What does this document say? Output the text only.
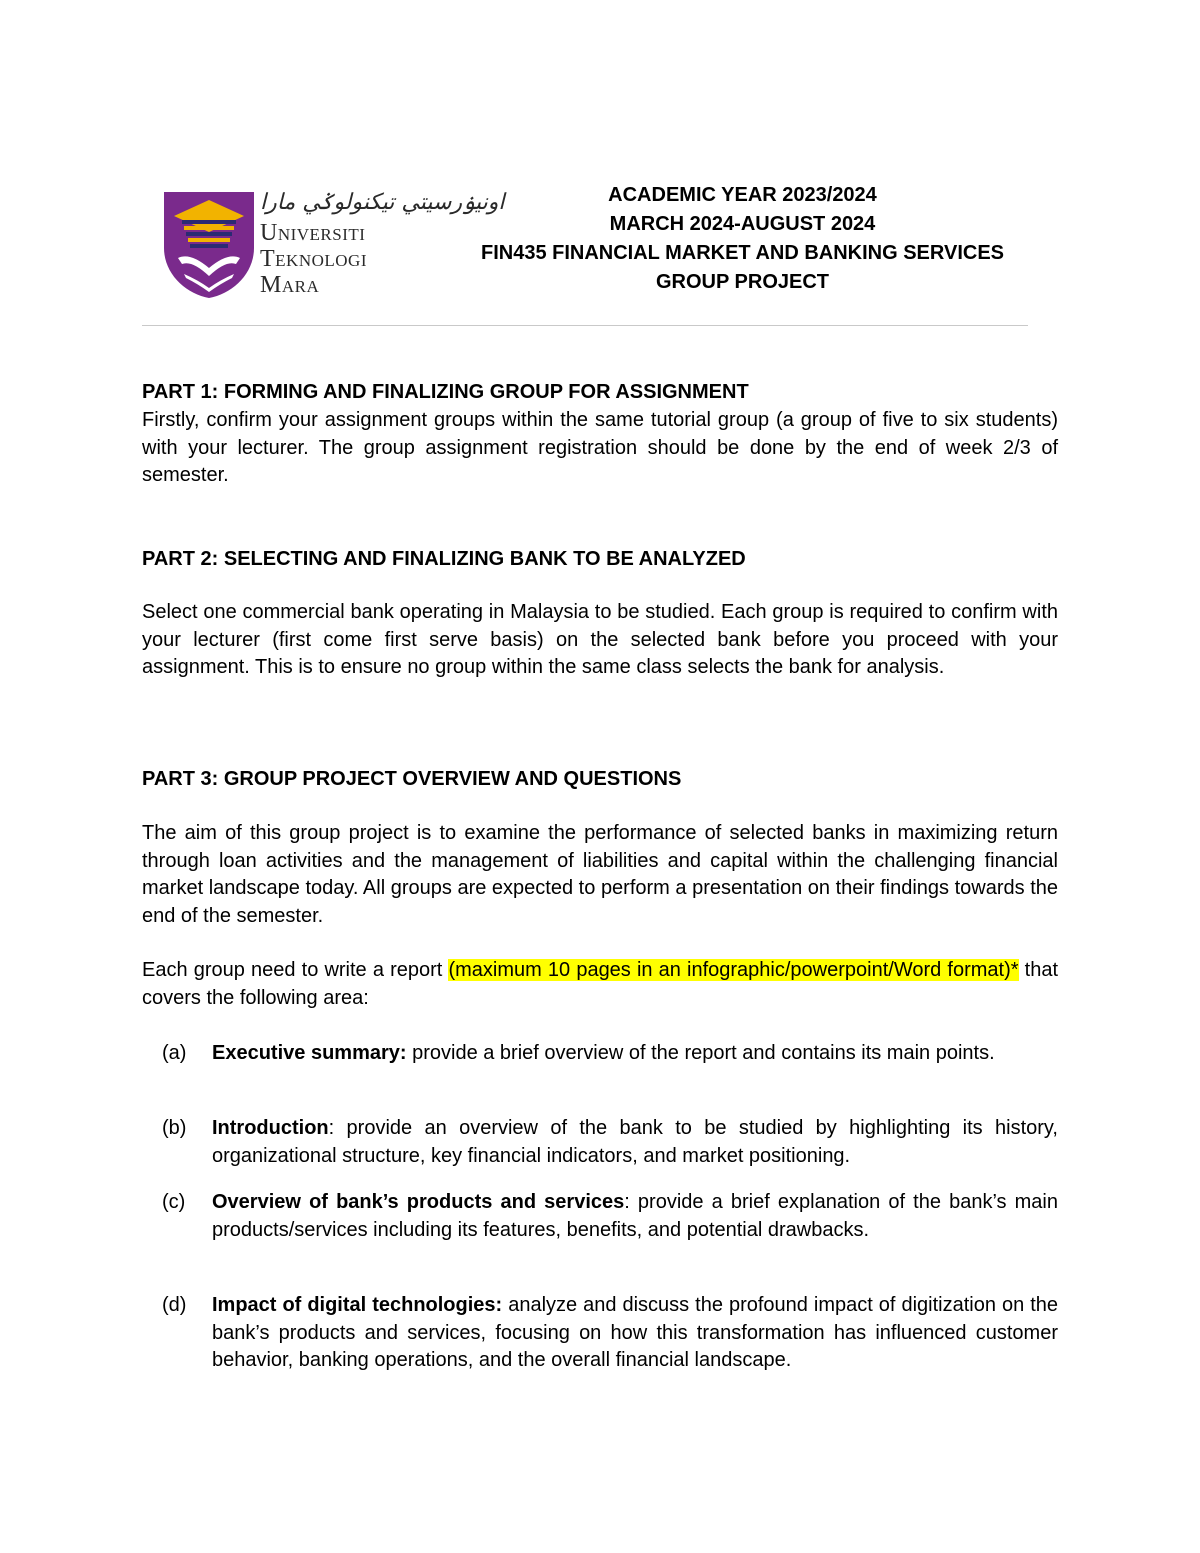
اونيۏرسيتي تيكنولوݢي مارا
Universiti
Teknologi
Mara
ACADEMIC YEAR 2023/2024
MARCH 2024-AUGUST 2024
FIN435 FINANCIAL MARKET AND BANKING SERVICES
GROUP PROJECT
PART 1: FORMING AND FINALIZING GROUP FOR ASSIGNMENT

Firstly, confirm your assignment groups within the same tutorial group (a group of five to six students) with your lecturer. The group assignment registration should be done by the end of week 2/3 of semester.

PART 2: SELECTING AND FINALIZING BANK TO BE ANALYZED

Select one commercial bank operating in Malaysia to be studied. Each group is required to confirm with your lecturer (first come first serve basis) on the selected bank before you proceed with your assignment. This is to ensure no group within the same class selects the bank for analysis.

PART 3: GROUP PROJECT OVERVIEW AND QUESTIONS

The aim of this group project is to examine the performance of selected banks in maximizing return through loan activities and the management of liabilities and capital within the challenging financial market landscape today. All groups are expected to perform a presentation on their findings towards the end of the semester.

Each group need to write a report (maximum 10 pages in an infographic/powerpoint/Word format)* that covers the following area:

(a) Executive summary: provide a brief overview of the report and contains its main points.
(b) Introduction: provide an overview of the bank to be studied by highlighting its history, organizational structure, key financial indicators, and market positioning.
(c) Overview of bank’s products and services: provide a brief explanation of the bank’s main products/services including its features, benefits, and potential drawbacks.
(d) Impact of digital technologies: analyze and discuss the profound impact of digitization on the bank’s products and services, focusing on how this transformation has influenced customer behavior, banking operations, and the overall financial landscape.
